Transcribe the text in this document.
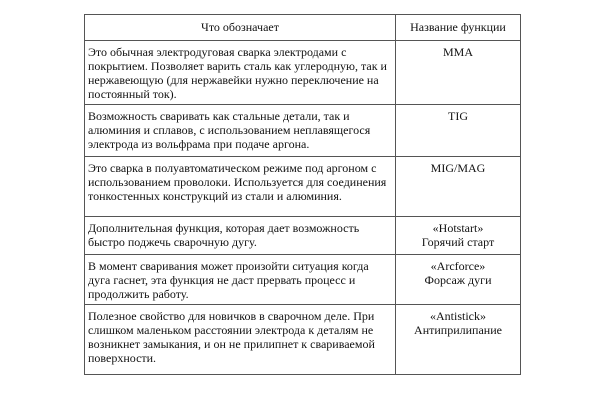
Что обозначает	Название функции
Это обычная электродуговая сварка электродами с покрытием. Позволяет варить сталь как углеродную, так и нержавеющую (для нержавейки нужно переключение на постоянный ток).	MMA

Возможность сваривать как стальные детали, так и алюминия и сплавов, с использованием неплавящегося электрода из вольфрама при подаче аргона.	TIG

Это сварка в полуавтоматическом режиме под аргоном с использованием проволоки. Используется для соединения тонкостенных конструкций из стали и алюминия.	MIG/MAG

Дополнительная функция, которая дает возможность быстро поджечь сварочную дугу.	«Hotstart»
Горячий старт

В момент сваривания может произойти ситуация когда дуга гаснет, эта функция не даст прервать процесс и продолжить работу.	«Arcforce»
Форсаж дуги

Полезное свойство для новичков в сварочном деле. При слишком маленьком расстоянии электрода к деталям не возникнет замыкания, и он не прилипнет к свариваемой поверхности.	«Antistick»
Антиприлипание
